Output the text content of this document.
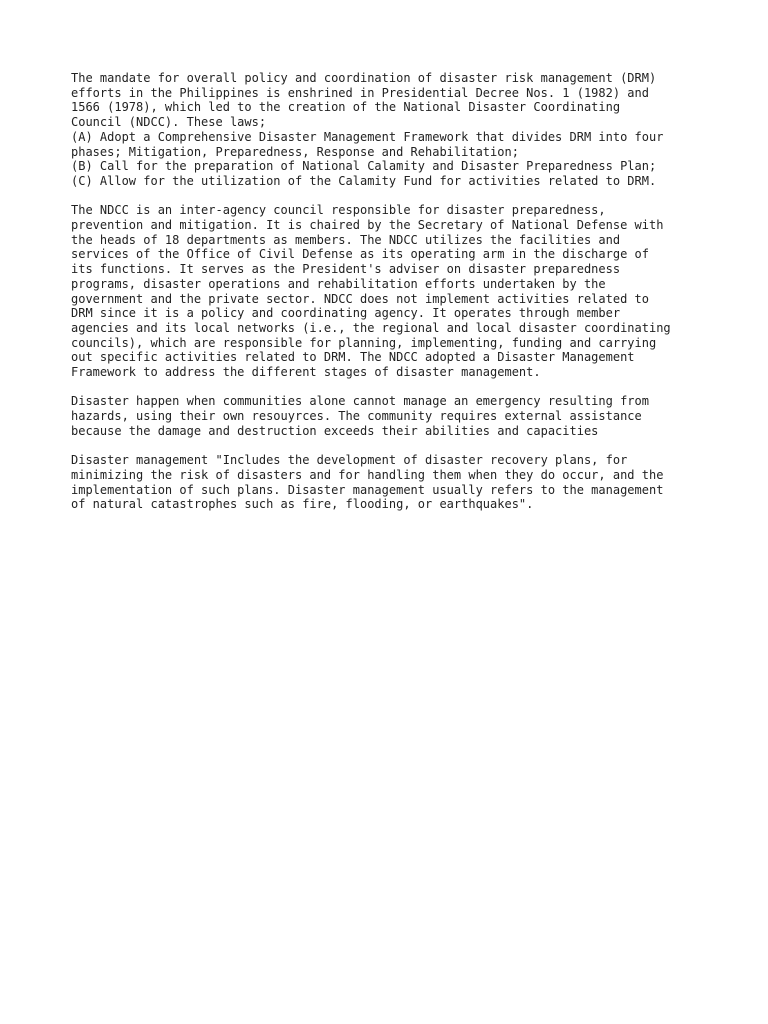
The mandate for overall policy and coordination of disaster risk management (DRM)
efforts in the Philippines is enshrined in Presidential Decree Nos. 1 (1982) and
1566 (1978), which led to the creation of the National Disaster Coordinating
Council (NDCC). These laws;
(A) Adopt a Comprehensive Disaster Management Framework that divides DRM into four
phases; Mitigation, Preparedness, Response and Rehabilitation;
(B) Call for the preparation of National Calamity and Disaster Preparedness Plan;
(C) Allow for the utilization of the Calamity Fund for activities related to DRM.
The NDCC is an inter-agency council responsible for disaster preparedness,
prevention and mitigation. It is chaired by the Secretary of National Defense with
the heads of 18 departments as members. The NDCC utilizes the facilities and
services of the Office of Civil Defense as its operating arm in the discharge of
its functions. It serves as the President's adviser on disaster preparedness
programs, disaster operations and rehabilitation efforts undertaken by the
government and the private sector. NDCC does not implement activities related to
DRM since it is a policy and coordinating agency. It operates through member
agencies and its local networks (i.e., the regional and local disaster coordinating
councils), which are responsible for planning, implementing, funding and carrying
out specific activities related to DRM. The NDCC adopted a Disaster Management
Framework to address the different stages of disaster management.
Disaster happen when communities alone cannot manage an emergency resulting from
hazards, using their own resouyrces. The community requires external assistance
because the damage and destruction exceeds their abilities and capacities
Disaster management "Includes the development of disaster recovery plans, for
minimizing the risk of disasters and for handling them when they do occur, and the
implementation of such plans. Disaster management usually refers to the management
of natural catastrophes such as fire, flooding, or earthquakes".
